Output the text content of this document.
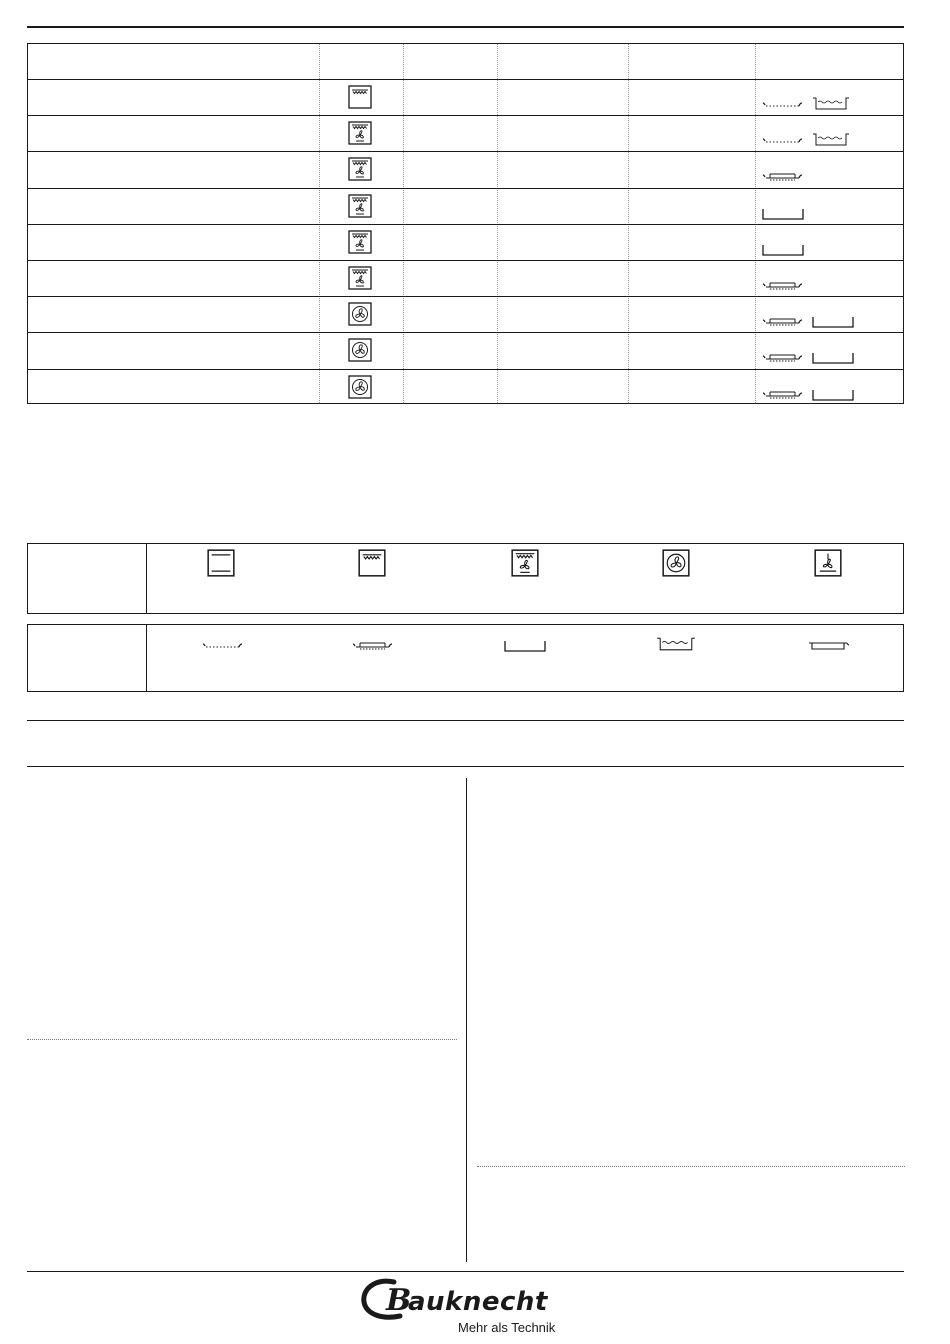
B
auknecht
Mehr als Technik
